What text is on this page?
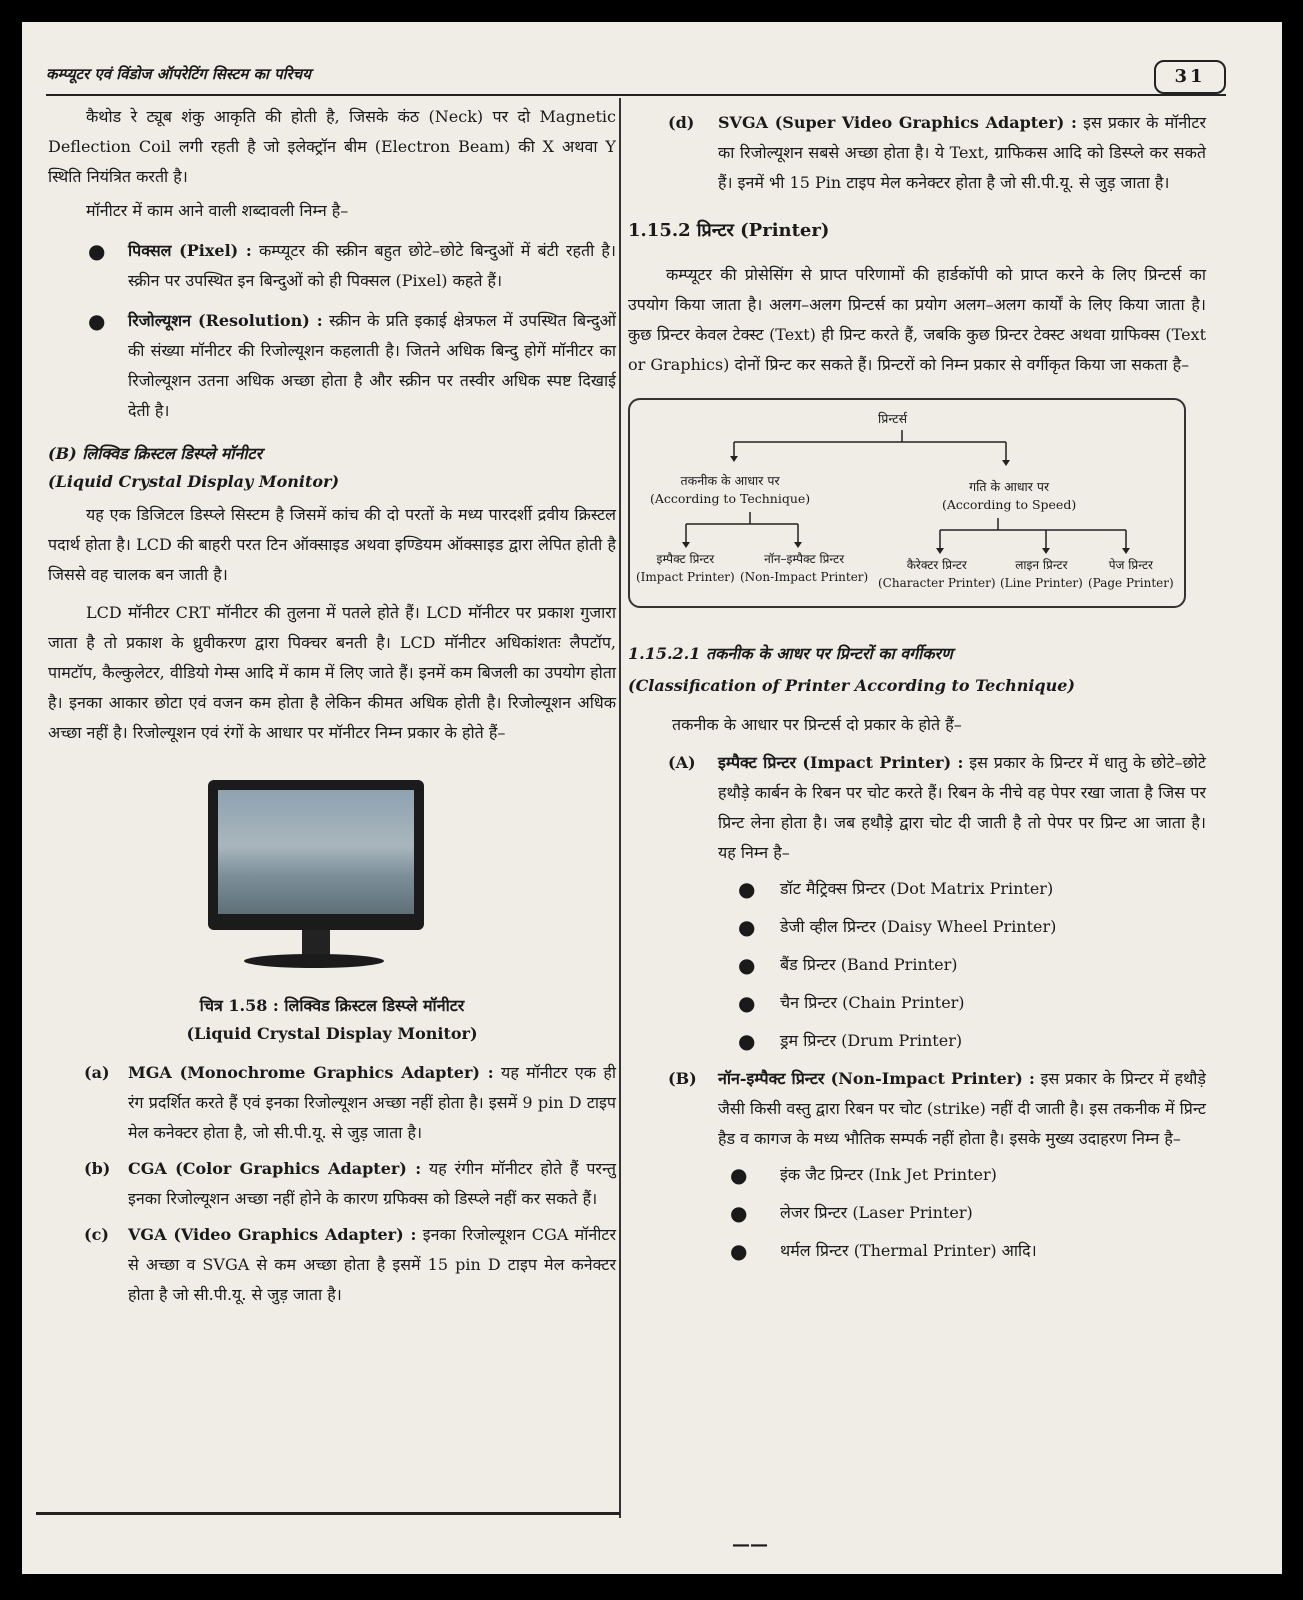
कम्प्यूटर एवं विंडोज ऑपरेटिंग सिस्टम का परिचय	31

कैथोड रे ट्यूब शंकु आकृति की होती है, जिसके कंठ (Neck) पर दो Magnetic Deflection Coil लगी रहती है जो इलेक्ट्रॉन बीम (Electron Beam) की X अथवा Y स्थिति नियंत्रित करती है।

मॉनीटर में काम आने वाली शब्दावली निम्न है–

● पिक्सल (Pixel) : कम्प्यूटर की स्क्रीन बहुत छोटे–छोटे बिन्दुओं में बंटी रहती है। स्क्रीन पर उपस्थित इन बिन्दुओं को ही पिक्सल (Pixel) कहते हैं।
● रिजोल्यूशन (Resolution) : स्क्रीन के प्रति इकाई क्षेत्रफल में उपस्थित बिन्दुओं की संख्या मॉनीटर की रिजोल्यूशन कहलाती है। जितने अधिक बिन्दु होगें मॉनीटर का रिजोल्यूशन उतना अधिक अच्छा होता है और स्क्रीन पर तस्वीर अधिक स्पष्ट दिखाई देती है।
(B) लिक्विड क्रिस्टल डिस्प्ले मॉनीटर
(Liquid Crystal Display Monitor)

यह एक डिजिटल डिस्प्ले सिस्टम है जिसमें कांच की दो परतों के मध्य पारदर्शी द्रवीय क्रिस्टल पदार्थ होता है। LCD की बाहरी परत टिन ऑक्साइड अथवा इण्डियम ऑक्साइड द्वारा लेपित होती है जिससे वह चालक बन जाती है।

LCD मॉनीटर CRT मॉनीटर की तुलना में पतले होते हैं। LCD मॉनीटर पर प्रकाश गुजारा जाता है तो प्रकाश के ध्रुवीकरण द्वारा पिक्चर बनती है। LCD मॉनीटर अधिकांशतः लैपटॉप, पामटॉप, कैल्कुलेटर, वीडियो गेम्स आदि में काम में लिए जाते हैं। इनमें कम बिजली का उपयोग होता है। इनका आकार छोटा एवं वजन कम होता है लेकिन कीमत अधिक होती है। रिजोल्यूशन अधिक अच्छा नहीं है। रिजोल्यूशन एवं रंगों के आधार पर मॉनीटर निम्न प्रकार के होते हैं–

चित्र 1.58 : लिक्विड क्रिस्टल डिस्प्ले मॉनीटर
(Liquid Crystal Display Monitor)
(a) MGA (Monochrome Graphics Adapter) : यह मॉनीटर एक ही रंग प्रदर्शित करते हैं एवं इनका रिजोल्यूशन अच्छा नहीं होता है। इसमें 9 pin D टाइप मेल कनेक्टर होता है, जो सी.पी.यू. से जुड़ जाता है।
(b) CGA (Color Graphics Adapter) : यह रंगीन मॉनीटर होते हैं परन्तु इनका रिजोल्यूशन अच्छा नहीं होने के कारण ग्रफिक्स को डिस्प्ले नहीं कर सकते हैं।
(c) VGA (Video Graphics Adapter) : इनका रिजोल्यूशन CGA मॉनीटर से अच्छा व SVGA से कम अच्छा होता है इसमें 15 pin D टाइप मेल कनेक्टर होता है जो सी.पी.यू. से जुड़ जाता है।
(d) SVGA (Super Video Graphics Adapter) : इस प्रकार के मॉनीटर का रिजोल्यूशन सबसे अच्छा होता है। ये Text, ग्राफिकस आदि को डिस्प्ले कर सकते हैं। इनमें भी 15 Pin टाइप मेल कनेक्टर होता है जो सी.पी.यू. से जुड़ जाता है।
1.15.2 प्रिन्टर (Printer)

कम्प्यूटर की प्रोसेसिंग से प्राप्त परिणामों की हार्डकॉपी को प्राप्त करने के लिए प्रिन्टर्स का उपयोग किया जाता है। अलग–अलग प्रिन्टर्स का प्रयोग अलग–अलग कार्यों के लिए किया जाता है। कुछ प्रिन्टर केवल टेक्स्ट (Text) ही प्रिन्ट करते हैं, जबकि कुछ प्रिन्टर टेक्स्ट अथवा ग्राफिक्स (Text or Graphics) दोनों प्रिन्ट कर सकते हैं। प्रिन्टरों को निम्न प्रकार से वर्गीकृत किया जा सकता है–

प्रिन्टर्स
तकनीक के आधार पर
(According to Technique)
गति के आधार पर
(According to Speed)
इम्पैक्ट प्रिन्टर
(Impact Printer)
नॉन–इम्पैक्ट प्रिन्टर
(Non-Impact Printer)
कैरेक्टर प्रिन्टर
(Character Printer)
लाइन प्रिन्टर
(Line Printer)
पेज प्रिन्टर
(Page Printer)
1.15.2.1 तकनीक के आधर पर प्रिन्टरों का वर्गीकरण
(Classification of Printer According to Technique)

तकनीक के आधार पर प्रिन्टर्स दो प्रकार के होते हैं–

(A) इम्पैक्ट प्रिन्टर (Impact Printer) : इस प्रकार के प्रिन्टर में धातु के छोटे–छोटे हथौड़े कार्बन के रिबन पर चोट करते हैं। रिबन के नीचे वह पेपर रखा जाता है जिस पर प्रिन्ट लेना होता है। जब हथौड़े द्वारा चोट दी जाती है तो पेपर पर प्रिन्ट आ जाता है। यह निम्न है–
● डॉट मैट्रिक्स प्रिन्टर (Dot Matrix Printer)
● डेजी व्हील प्रिन्टर (Daisy Wheel Printer)
● बैंड प्रिन्टर (Band Printer)
● चैन प्रिन्टर (Chain Printer)
● ड्रम प्रिन्टर (Drum Printer)
(B) नॉन-इम्पैक्ट प्रिन्टर (Non-Impact Printer) : इस प्रकार के प्रिन्टर में हथौड़े जैसी किसी वस्तु द्वारा रिबन पर चोट (strike) नहीं दी जाती है। इस तकनीक में प्रिन्ट हैड व कागज के मध्य भौतिक सम्पर्क नहीं होता है। इसके मुख्य उदाहरण निम्न है–
● इंक जैट प्रिन्टर (Ink Jet Printer)
● लेजर प्रिन्टर (Laser Printer)
● थर्मल प्रिन्टर (Thermal Printer) आदि।
——
